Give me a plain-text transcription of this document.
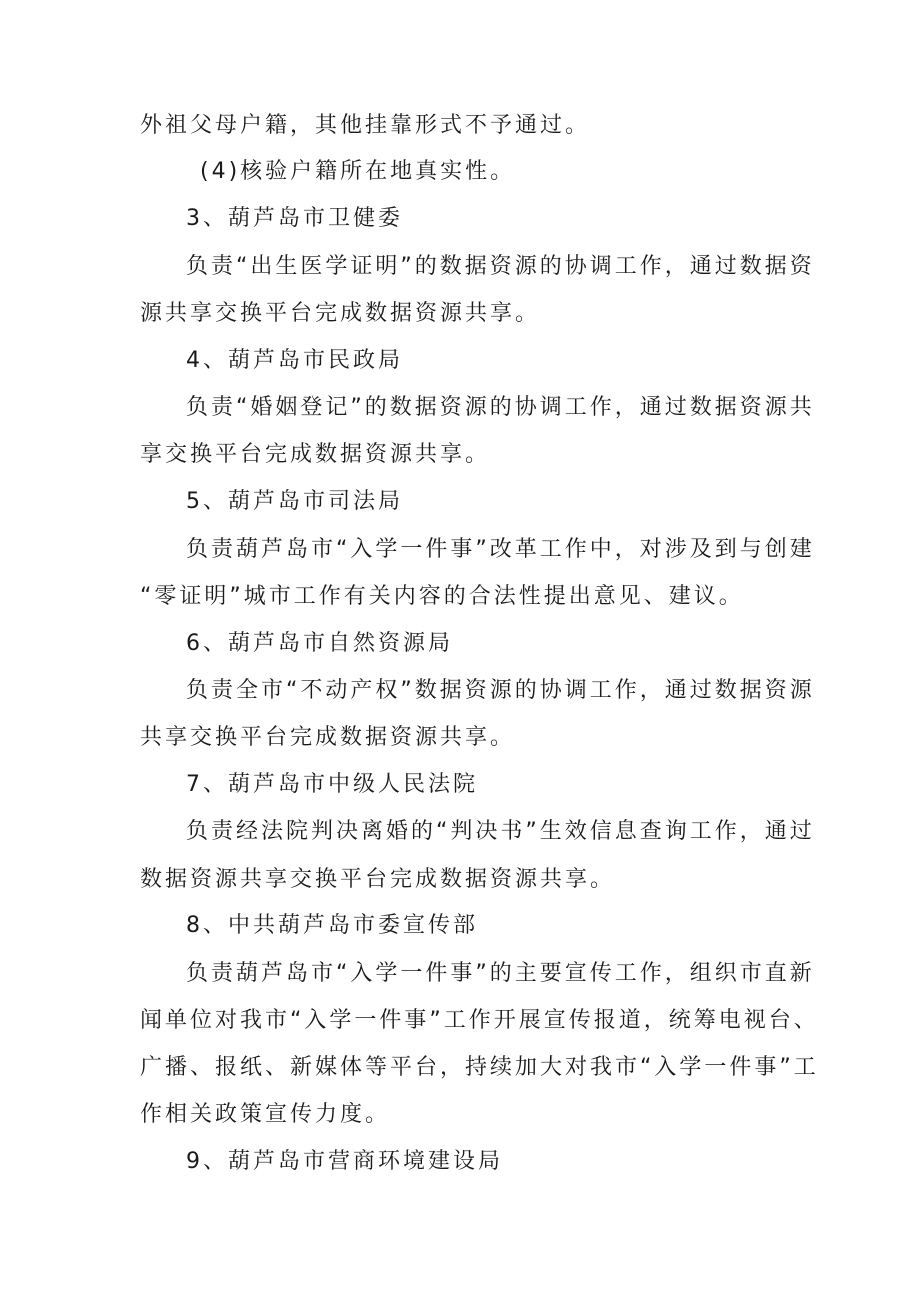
外祖父母户籍，其他挂靠形式不予通过。
(4)核验户籍所在地真实性。
3、葫芦岛市卫健委
负责“出生医学证明”的数据资源的协调工作，通过数据资
源共享交换平台完成数据资源共享。
4、葫芦岛市民政局
负责“婚姻登记”的数据资源的协调工作，通过数据资源共
享交换平台完成数据资源共享。
5、葫芦岛市司法局
负责葫芦岛市“入学一件事”改革工作中，对涉及到与创建
“零证明”城市工作有关内容的合法性提出意见、建议。
6、葫芦岛市自然资源局
负责全市“不动产权”数据资源的协调工作，通过数据资源
共享交换平台完成数据资源共享。
7、葫芦岛市中级人民法院
负责经法院判决离婚的“判决书”生效信息查询工作，通过
数据资源共享交换平台完成数据资源共享。
8、中共葫芦岛市委宣传部
负责葫芦岛市“入学一件事”的主要宣传工作，组织市直新
闻单位对我市“入学一件事”工作开展宣传报道，统筹电视台、
广播、报纸、新媒体等平台，持续加大对我市“入学一件事”工
作相关政策宣传力度。
9、葫芦岛市营商环境建设局
